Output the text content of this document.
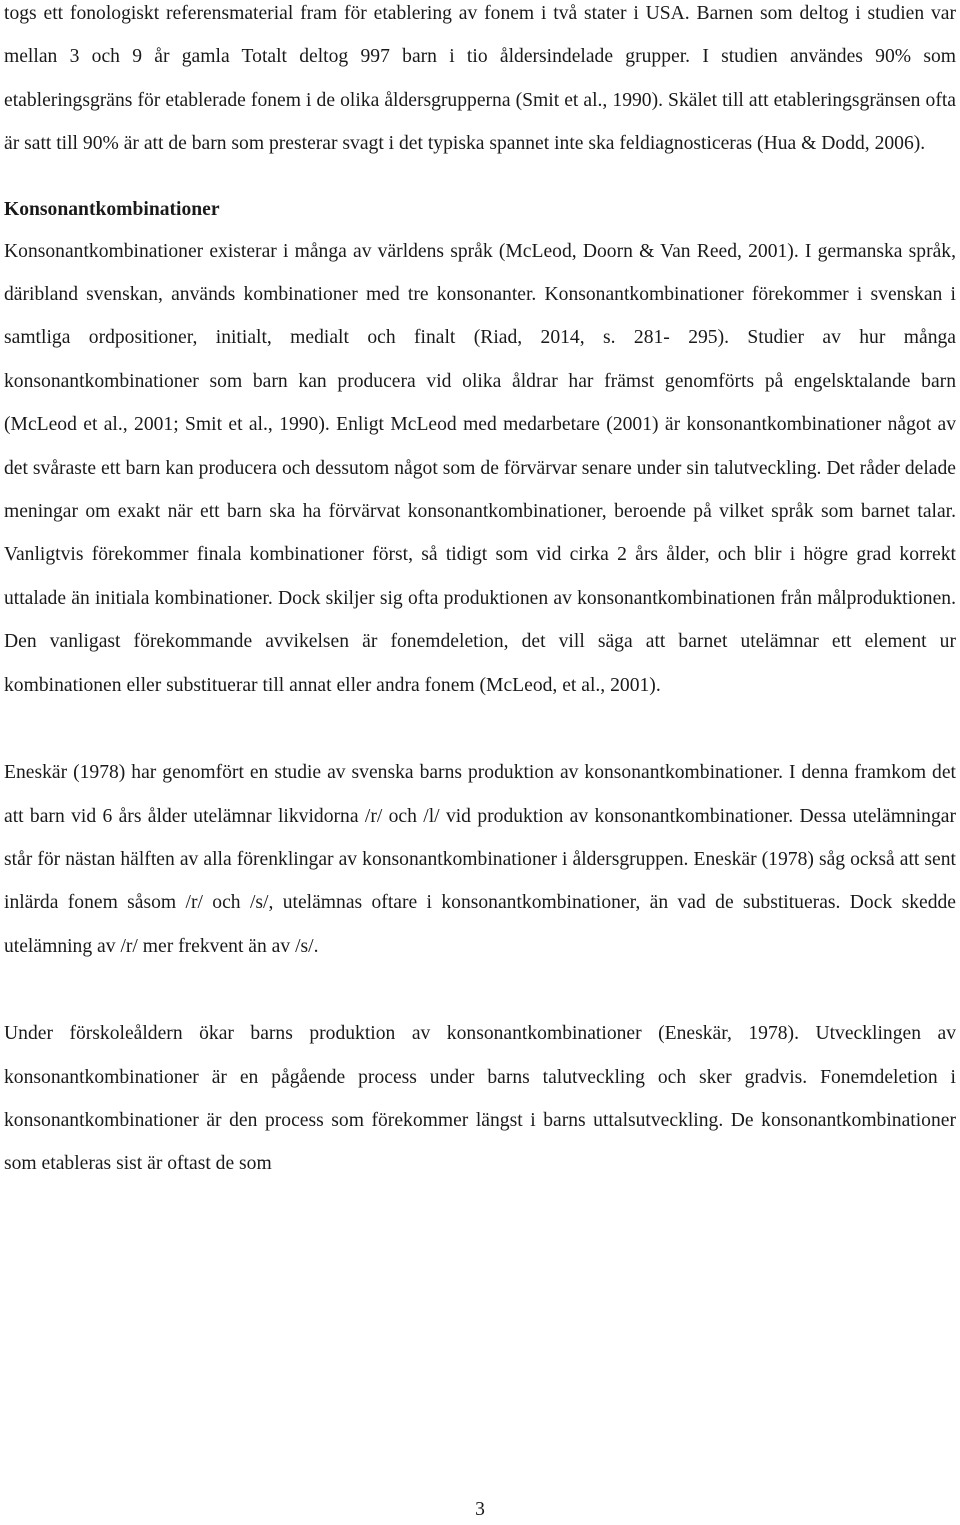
togs ett fonologiskt referensmaterial fram för etablering av fonem i två stater i USA. Barnen som deltog i studien var mellan 3 och 9 år gamla Totalt deltog 997 barn i tio åldersindelade grupper. I studien användes 90% som etableringsgräns för etablerade fonem i de olika åldersgrupperna (Smit et al., 1990). Skälet till att etableringsgränsen ofta är satt till 90% är att de barn som presterar svagt i det typiska spannet inte ska feldiagnosticeras (Hua & Dodd, 2006).

Konsonantkombinationer

Konsonantkombinationer existerar i många av världens språk (McLeod, Doorn & Van Reed, 2001). I germanska språk, däribland svenskan, används kombinationer med tre konsonanter. Konsonantkombinationer förekommer i svenskan i samtliga ordpositioner, initialt, medialt och finalt (Riad, 2014, s. 281- 295). Studier av hur många konsonantkombinationer som barn kan producera vid olika åldrar har främst genomförts på engelsktalande barn (McLeod et al., 2001; Smit et al., 1990). Enligt McLeod med medarbetare (2001) är konsonantkombinationer något av det svåraste ett barn kan producera och dessutom något som de förvärvar senare under sin talutveckling. Det råder delade meningar om exakt när ett barn ska ha förvärvat konsonantkombinationer, beroende på vilket språk som barnet talar. Vanligtvis förekommer finala kombinationer först, så tidigt som vid cirka 2 års ålder, och blir i högre grad korrekt uttalade än initiala kombinationer. Dock skiljer sig ofta produktionen av konsonantkombinationen från målproduktionen. Den vanligast förekommande avvikelsen är fonemdeletion, det vill säga att barnet utelämnar ett element ur kombinationen eller substituerar till annat eller andra fonem (McLeod, et al., 2001).

Eneskär (1978) har genomfört en studie av svenska barns produktion av konsonantkombinationer. I denna framkom det att barn vid 6 års ålder utelämnar likvidorna /r/ och /l/ vid produktion av konsonantkombinationer. Dessa utelämningar står för nästan hälften av alla förenklingar av konsonantkombinationer i åldersgruppen. Eneskär (1978) såg också att sent inlärda fonem såsom /r/ och /s/, utelämnas oftare i konsonantkombinationer, än vad de substitueras. Dock skedde utelämning av /r/ mer frekvent än av /s/.

Under förskoleåldern ökar barns produktion av konsonantkombinationer (Eneskär, 1978). Utvecklingen av konsonantkombinationer är en pågående process under barns talutveckling och sker gradvis. Fonemdeletion i konsonantkombinationer är den process som förekommer längst i barns uttalsutveckling. De konsonantkombinationer som etableras sist är oftast de som

3
